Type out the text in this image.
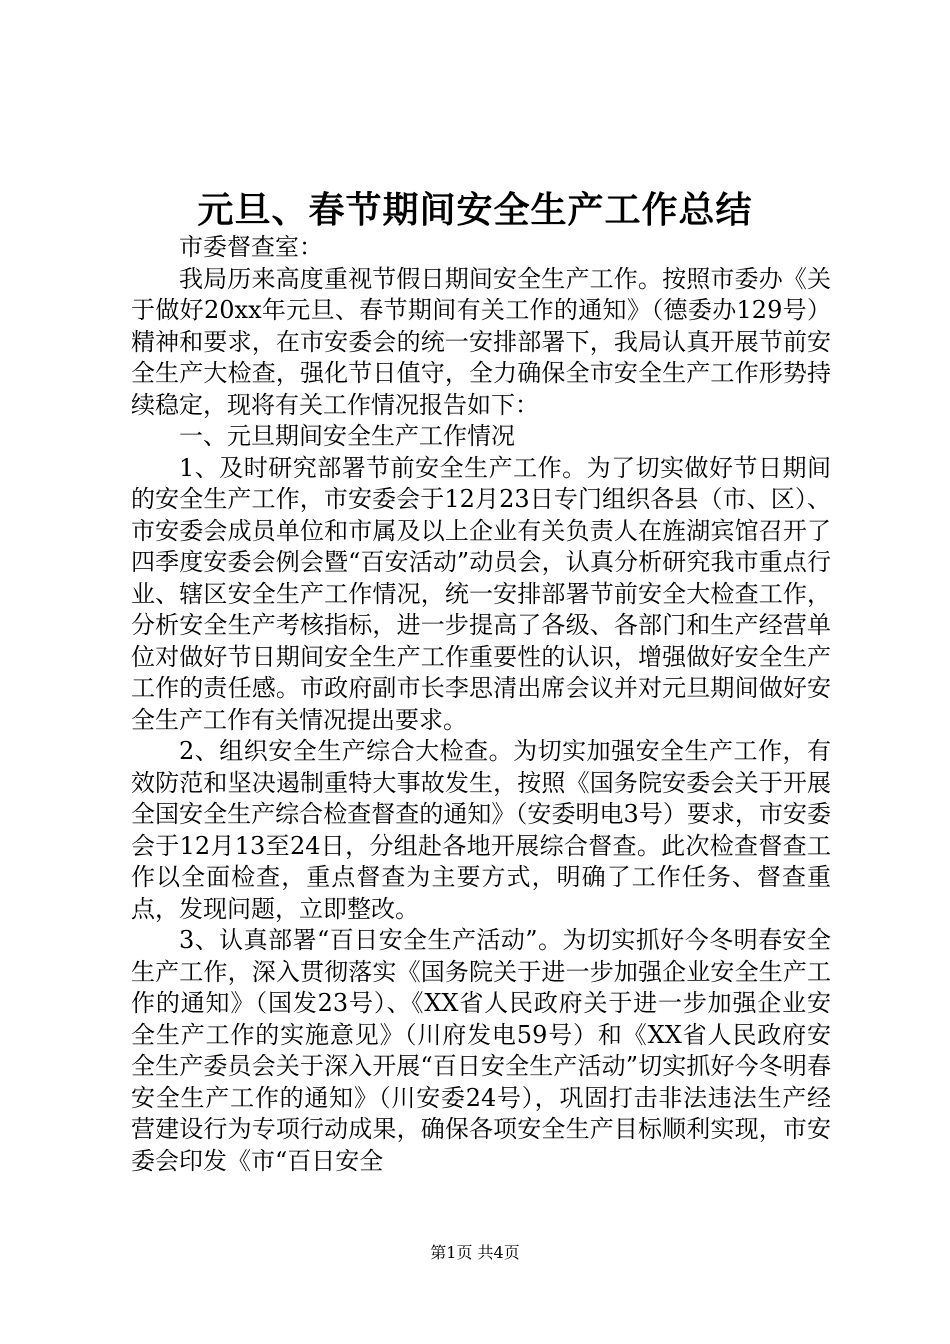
元旦、春节期间安全生产工作总结

市委督查室：

我局历来高度重视节假日期间安全生产工作。按照市委办《关于做好20xx年元旦、春节期间有关工作的通知》（德委办129号）精神和要求，在市安委会的统一安排部署下，我局认真开展节前安全生产大检查，强化节日值守，全力确保全市安全生产工作形势持续稳定，现将有关工作情况报告如下：

一、元旦期间安全生产工作情况

1、及时研究部署节前安全生产工作。为了切实做好节日期间的安全生产工作，市安委会于12月23日专门组织各县（市、区）、市安委会成员单位和市属及以上企业有关负责人在旌湖宾馆召开了四季度安委会例会暨“百安活动”动员会，认真分析研究我市重点行业、辖区安全生产工作情况，统一安排部署节前安全大检查工作，分析安全生产考核指标，进一步提高了各级、各部门和生产经营单位对做好节日期间安全生产工作重要性的认识，增强做好安全生产工作的责任感。市政府副市长李思清出席会议并对元旦期间做好安全生产工作有关情况提出要求。

2、组织安全生产综合大检查。为切实加强安全生产工作，有效防范和坚决遏制重特大事故发生，按照《国务院安委会关于开展全国安全生产综合检查督查的通知》（安委明电3号）要求，市安委会于12月13至24日，分组赴各地开展综合督查。此次检查督查工作以全面检查，重点督查为主要方式，明确了工作任务、督查重点，发现问题，立即整改。

3、认真部署“百日安全生产活动”。为切实抓好今冬明春安全生产工作，深入贯彻落实《国务院关于进一步加强企业安全生产工作的通知》（国发23号）、《XX省人民政府关于进一步加强企业安全生产工作的实施意见》（川府发电59号）和《XX省人民政府安全生产委员会关于深入开展“百日安全生产活动”切实抓好今冬明春安全生产工作的通知》（川安委24号），巩固打击非法违法生产经营建设行为专项行动成果，确保各项安全生产目标顺利实现，市安委会印发《市“百日安全

第1页 共4页
